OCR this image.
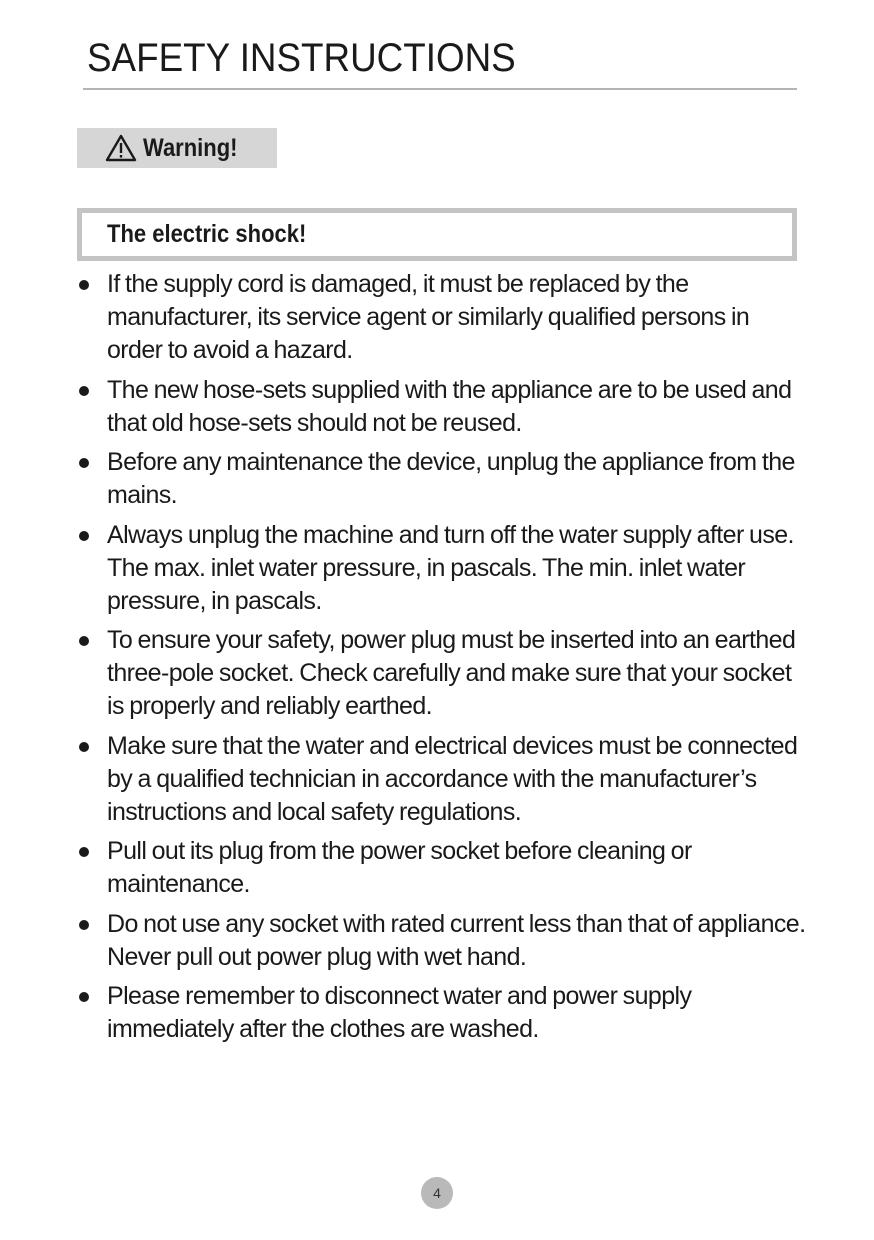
SAFETY INSTRUCTIONS
Warning!
The electric shock!
If the supply cord is damaged, it must be replaced by the manufacturer, its service agent or similarly qualified persons in order to avoid a hazard.
The new hose-sets supplied with the appliance are to be used and that old hose-sets should not be reused.
Before any maintenance the device, unplug the appliance from the mains.
Always unplug the machine and turn off the water supply after use. The max. inlet water pressure, in pascals. The min. inlet water pressure, in pascals.
To ensure your safety, power plug must be inserted into an earthed three-pole socket. Check carefully and make sure that your socket is properly and reliably earthed.
Make sure that the water and electrical devices must be connected by a qualified technician in accordance with the manufacturer’s instructions and local safety regulations.
Pull out its plug from the power socket before cleaning or maintenance.
Do not use any socket with rated current less than that of appliance. Never pull out power plug with wet hand.
Please remember to disconnect water and power supply immediately after the clothes are washed.
4
